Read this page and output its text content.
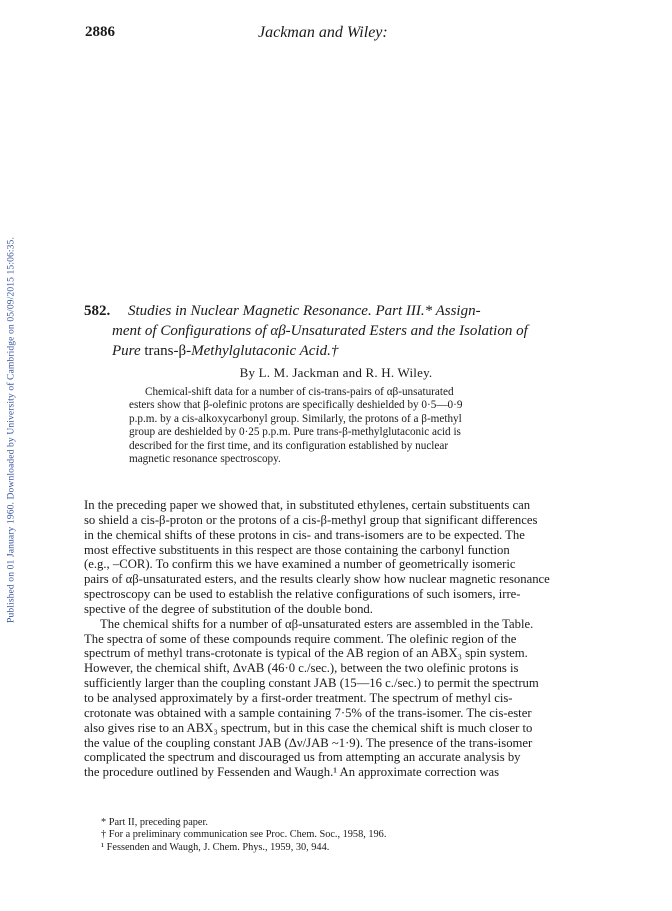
Published on 01 January 1960. Downloaded by University of Cambridge on 05/09/2015 15:06:35.
2886	Jackman and Wiley:
582. Studies in Nuclear Magnetic Resonance. Part III.* Assign-
ment of Configurations of αβ-Unsaturated Esters and the Isolation of
Pure trans-β-Methylglutaconic Acid.†
By L. M. Jackman and R. H. Wiley.
Chemical-shift data for a number of cis-trans-pairs of αβ-unsaturated
esters show that β-olefinic protons are specifically deshielded by 0·5—0·9
p.p.m. by a cis-alkoxycarbonyl group. Similarly, the protons of a β-methyl
group are deshielded by 0·25 p.p.m. Pure trans-β-methylglutaconic acid is
described for the first time, and its configuration established by nuclear
magnetic resonance spectroscopy.
In the preceding paper we showed that, in substituted ethylenes, certain substituents can
so shield a cis-β-proton or the protons of a cis-β-methyl group that significant differences
in the chemical shifts of these protons in cis- and trans-isomers are to be expected. The
most effective substituents in this respect are those containing the carbonyl function
(e.g., –COR). To confirm this we have examined a number of geometrically isomeric
pairs of αβ-unsaturated esters, and the results clearly show how nuclear magnetic resonance
spectroscopy can be used to establish the relative configurations of such isomers, irre-
spective of the degree of substitution of the double bond.
The chemical shifts for a number of αβ-unsaturated esters are assembled in the Table.
The spectra of some of these compounds require comment. The olefinic region of the
spectrum of methyl trans-crotonate is typical of the AB region of an ABX₃ spin system.
However, the chemical shift, ΔνAB (46·0 c./sec.), between the two olefinic protons is
sufficiently larger than the coupling constant JAB (15—16 c./sec.) to permit the spectrum
to be analysed approximately by a first-order treatment. The spectrum of methyl cis-
crotonate was obtained with a sample containing 7·5% of the trans-isomer. The cis-ester
also gives rise to an ABX₃ spectrum, but in this case the chemical shift is much closer to
the value of the coupling constant JAB (Δν/JAB ~1·9). The presence of the trans-isomer
complicated the spectrum and discouraged us from attempting an accurate analysis by
the procedure outlined by Fessenden and Waugh.¹ An approximate correction was
* Part II, preceding paper.
† For a preliminary communication see Proc. Chem. Soc., 1958, 196.
¹ Fessenden and Waugh, J. Chem. Phys., 1959, 30, 944.
